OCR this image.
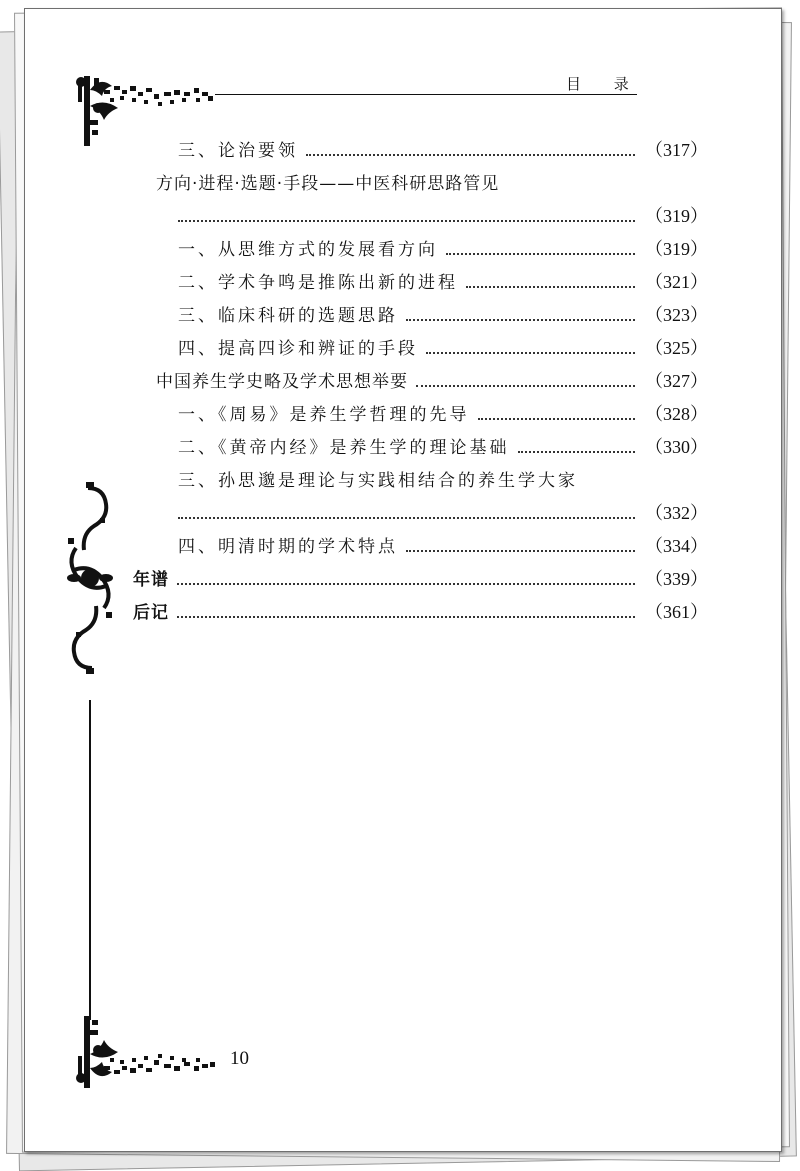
目 录
三、论治要领	（317）
方向·进程·选题·手段——中医科研思路管见
（319）
一、从思维方式的发展看方向	（319）
二、学术争鸣是推陈出新的进程	（321）
三、临床科研的选题思路	（323）
四、提高四诊和辨证的手段	（325）
中国养生学史略及学术思想举要	（327）
一、《周易》是养生学哲理的先导	（328）
二、《黄帝内经》是养生学的理论基础	（330）
三、孙思邈是理论与实践相结合的养生学大家
（332）
四、明清时期的学术特点	（334）
年谱	（339）
后记	（361）
10
